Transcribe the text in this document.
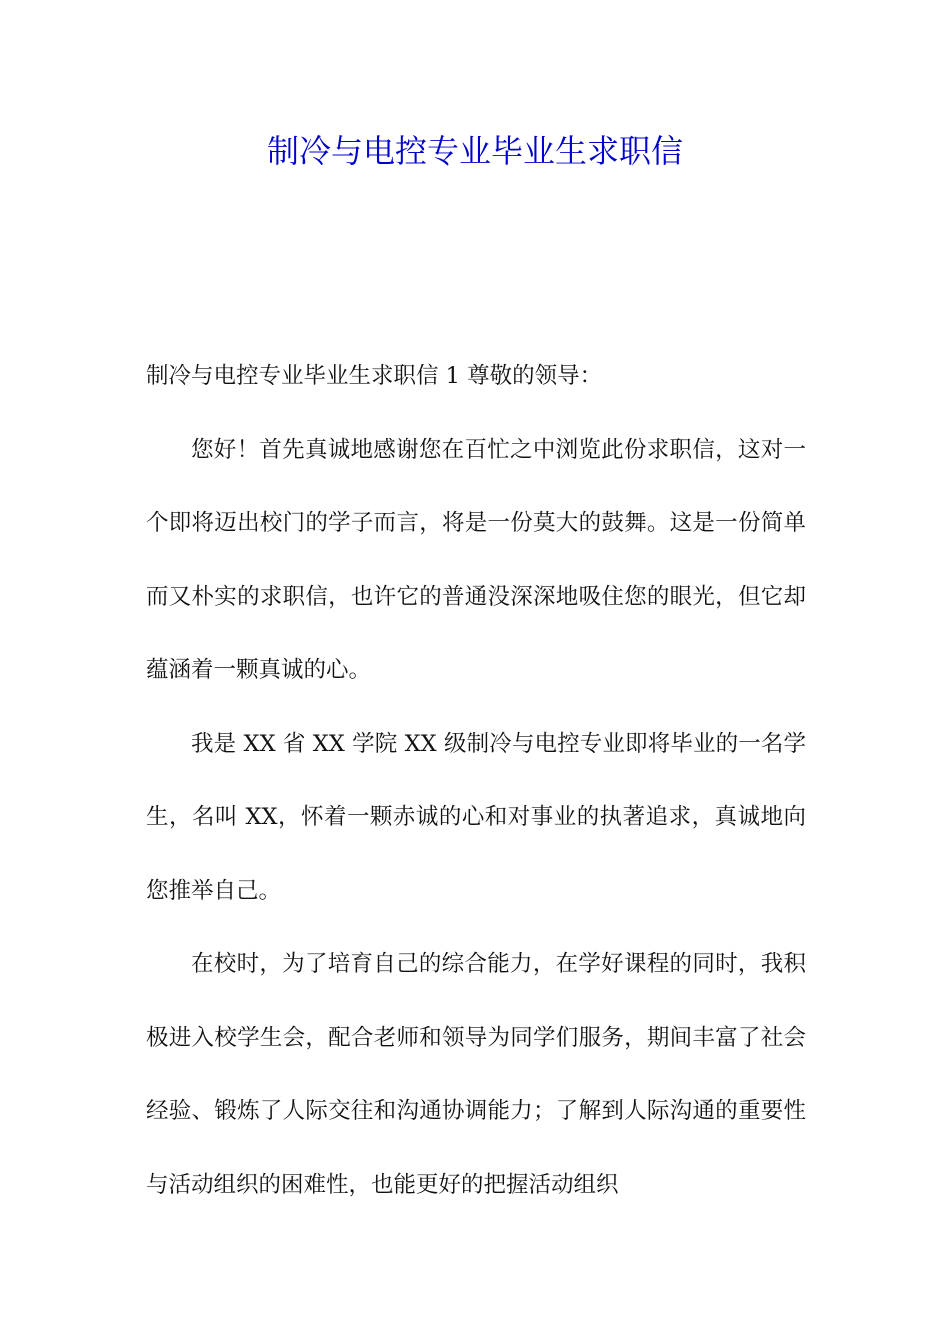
制冷与电控专业毕业生求职信

制冷与电控专业毕业生求职信 1 尊敬的领导：

您好！首先真诚地感谢您在百忙之中浏览此份求职信，这对一个即将迈出校门的学子而言，将是一份莫大的鼓舞。这是一份简单而又朴实的求职信，也许它的普通没深深地吸住您的眼光，但它却蕴涵着一颗真诚的心。

我是 XX 省 XX 学院 XX 级制冷与电控专业即将毕业的一名学生，名叫 XX，怀着一颗赤诚的心和对事业的执著追求，真诚地向您推举自己。

在校时，为了培育自己的综合能力，在学好课程的同时，我积极进入校学生会，配合老师和领导为同学们服务，期间丰富了社会经验、锻炼了人际交往和沟通协调能力；了解到人际沟通的重要性与活动组织的困难性，也能更好的把握活动组织
